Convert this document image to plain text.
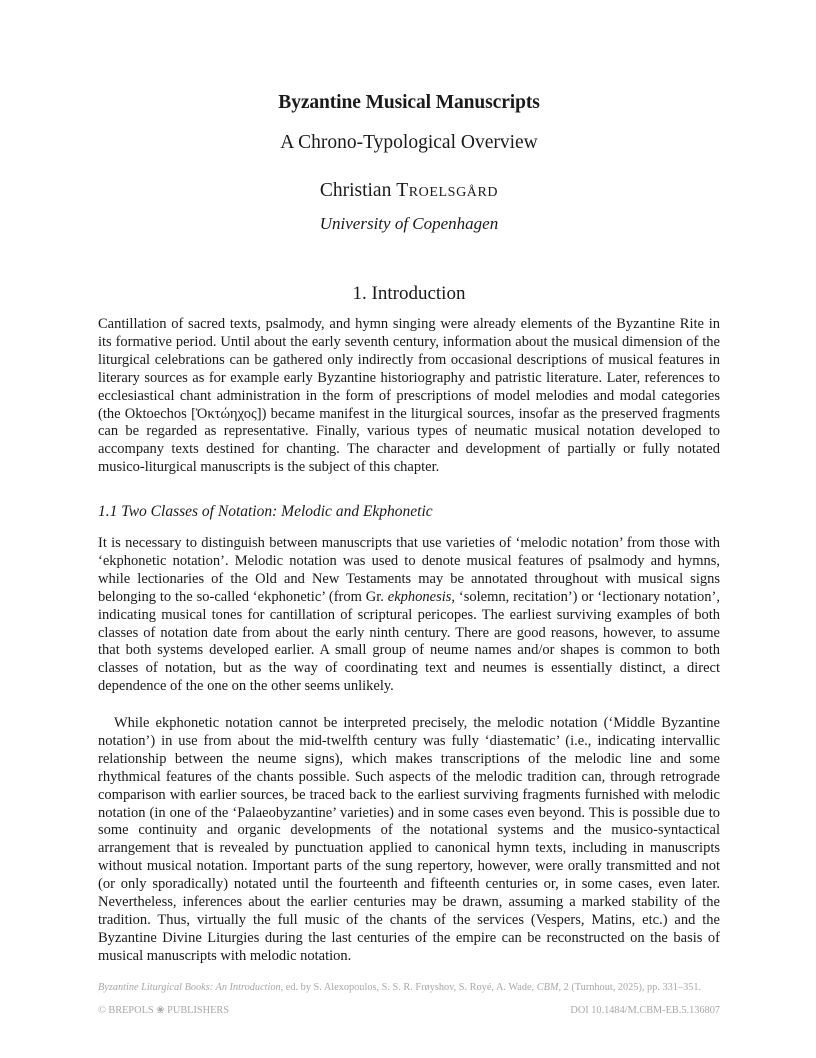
Byzantine Musical Manuscripts
A Chrono-Typological Overview
Christian Troelsgård
University of Copenhagen
1. Introduction

Cantillation of sacred texts, psalmody, and hymn singing were already elements of the Byzantine Rite in its formative period. Until about the early seventh century, information about the musical dimension of the liturgical celebrations can be gathered only indirectly from occasional descriptions of musical features in literary sources as for example early Byzantine historiography and patristic literature. Later, references to ecclesiastical chant administration in the form of prescriptions of model melodies and modal categories (the Oktoechos [Ὀκτώηχος]) became manifest in the liturgical sources, insofar as the preserved fragments can be regarded as representative. Finally, various types of neumatic musical notation developed to accompany texts destined for chanting. The character and development of partially or fully notated musico-liturgical manuscripts is the subject of this chapter.

1.1 Two Classes of Notation: Melodic and Ekphonetic

It is necessary to distinguish between manuscripts that use varieties of ‘melodic notation’ from those with ‘ekphonetic notation’. Melodic notation was used to denote musical features of psalmody and hymns, while lectionaries of the Old and New Testaments may be annotated throughout with musical signs belonging to the so-called ‘ekphonetic’ (from Gr. ekphonesis, ‘solemn, recitation’) or ‘lectionary notation’, indicating musical tones for cantillation of scriptural pericopes. The earliest surviving examples of both classes of notation date from about the early ninth century. There are good reasons, however, to assume that both systems developed earlier. A small group of neume names and/or shapes is common to both classes of notation, but as the way of coordinating text and neumes is essentially distinct, a direct dependence of the one on the other seems unlikely.

While ekphonetic notation cannot be interpreted precisely, the melodic notation (‘Middle Byzantine notation’) in use from about the mid-twelfth century was fully ‘diastematic’ (i.e., indicating intervallic relationship between the neume signs), which makes transcriptions of the melodic line and some rhythmical features of the chants possible. Such aspects of the melodic tradition can, through retrograde comparison with earlier sources, be traced back to the earliest surviving fragments furnished with melodic notation (in one of the ‘Palaeobyzantine’ varieties) and in some cases even beyond. This is possible due to some continuity and organic developments of the notational systems and the musico-syntactical arrangement that is revealed by punctuation applied to canonical hymn texts, including in manuscripts without musical notation. Important parts of the sung repertory, however, were orally transmitted and not (or only sporadically) notated until the fourteenth and fifteenth centuries or, in some cases, even later. Nevertheless, inferences about the earlier centuries may be drawn, assuming a marked stability of the tradition. Thus, virtually the full music of the chants of the services (Vespers, Matins, etc.) and the Byzantine Divine Liturgies during the last centuries of the empire can be reconstructed on the basis of musical manuscripts with melodic notation.

Byzantine Liturgical Books: An Introduction, ed. by S. Alexopoulos, S. S. R. Frøyshov, S. Royé, A. Wade, CBM, 2 (Turnhout, 2025), pp. 331–351.
© BREPOLS ❀ PUBLISHERS	DOI 10.1484/M.CBM-EB.5.136807
